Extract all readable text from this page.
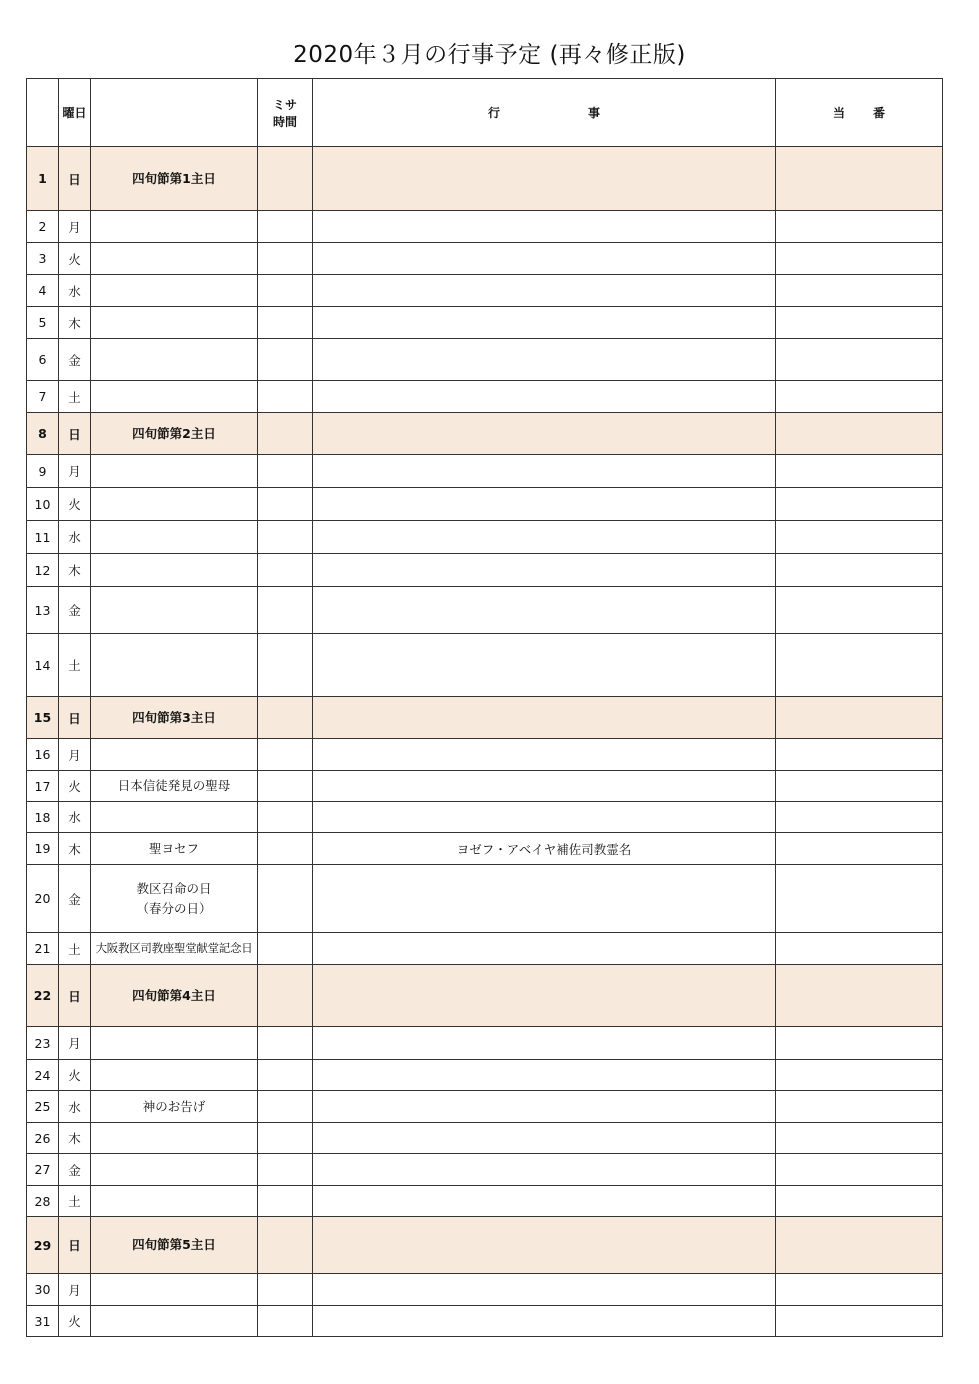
2020年３月の行事予定 (再々修正版)
	曜日		ミサ
時間	行 事	当 番
1	日	四旬節第1主日			
2	月				
3	火				
4	水				
5	木				
6	金				
7	土				
8	日	四旬節第2主日			
9	月				
10	火				
11	水				
12	木				
13	金				
14	土				
15	日	四旬節第3主日			
16	月				
17	火	日本信徒発見の聖母			
18	水				
19	木	聖ヨセフ		ヨゼフ・アベイヤ補佐司教霊名	
20	金	教区召命の日
（春分の日）			

21	土	大阪教区司教座聖堂献堂記念日			
22	日	四旬節第4主日			
23	月				
24	火				
25	水	神のお告げ			
26	木				
27	金				
28	土				
29	日	四旬節第5主日			
30	月				
31	火				
